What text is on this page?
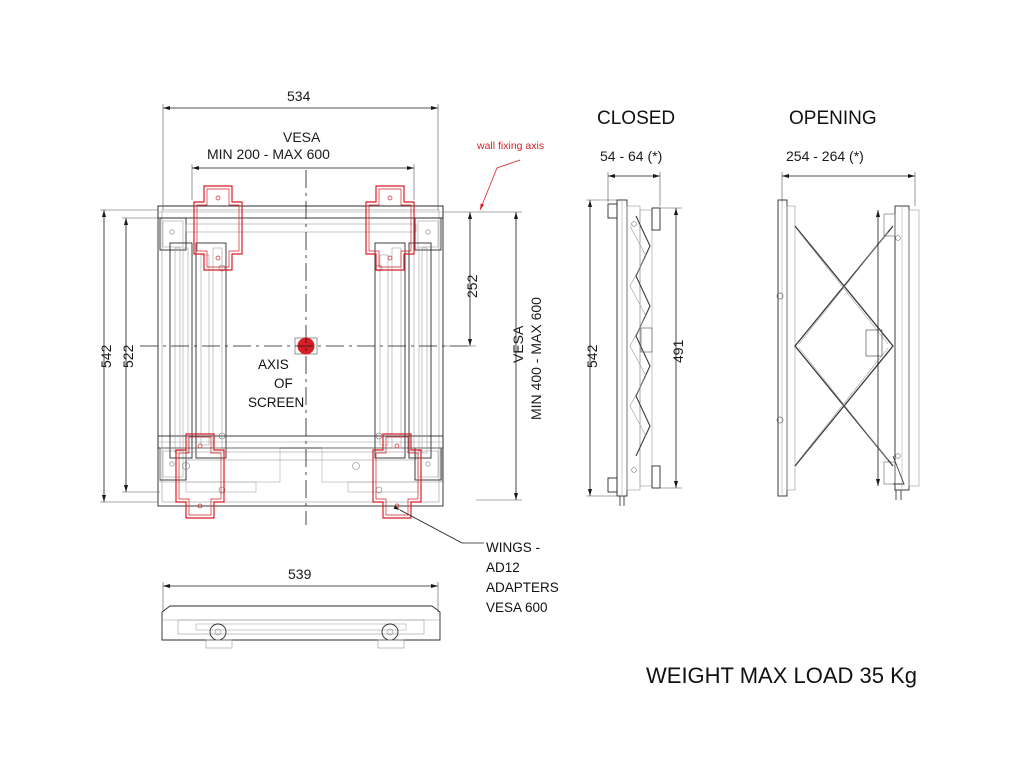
534
VESA
MIN 200 - MAX 600
542 522
252
VESA MIN 400 - MAX 600
AXIS
OF
SCREEN
wall fixing axis
WINGS -
AD12
ADAPTERS
VESA 600
539
CLOSED
54 - 64 (*)
542	491
OPENING
254 - 264 (*)
WEIGHT MAX LOAD 35 Kg
